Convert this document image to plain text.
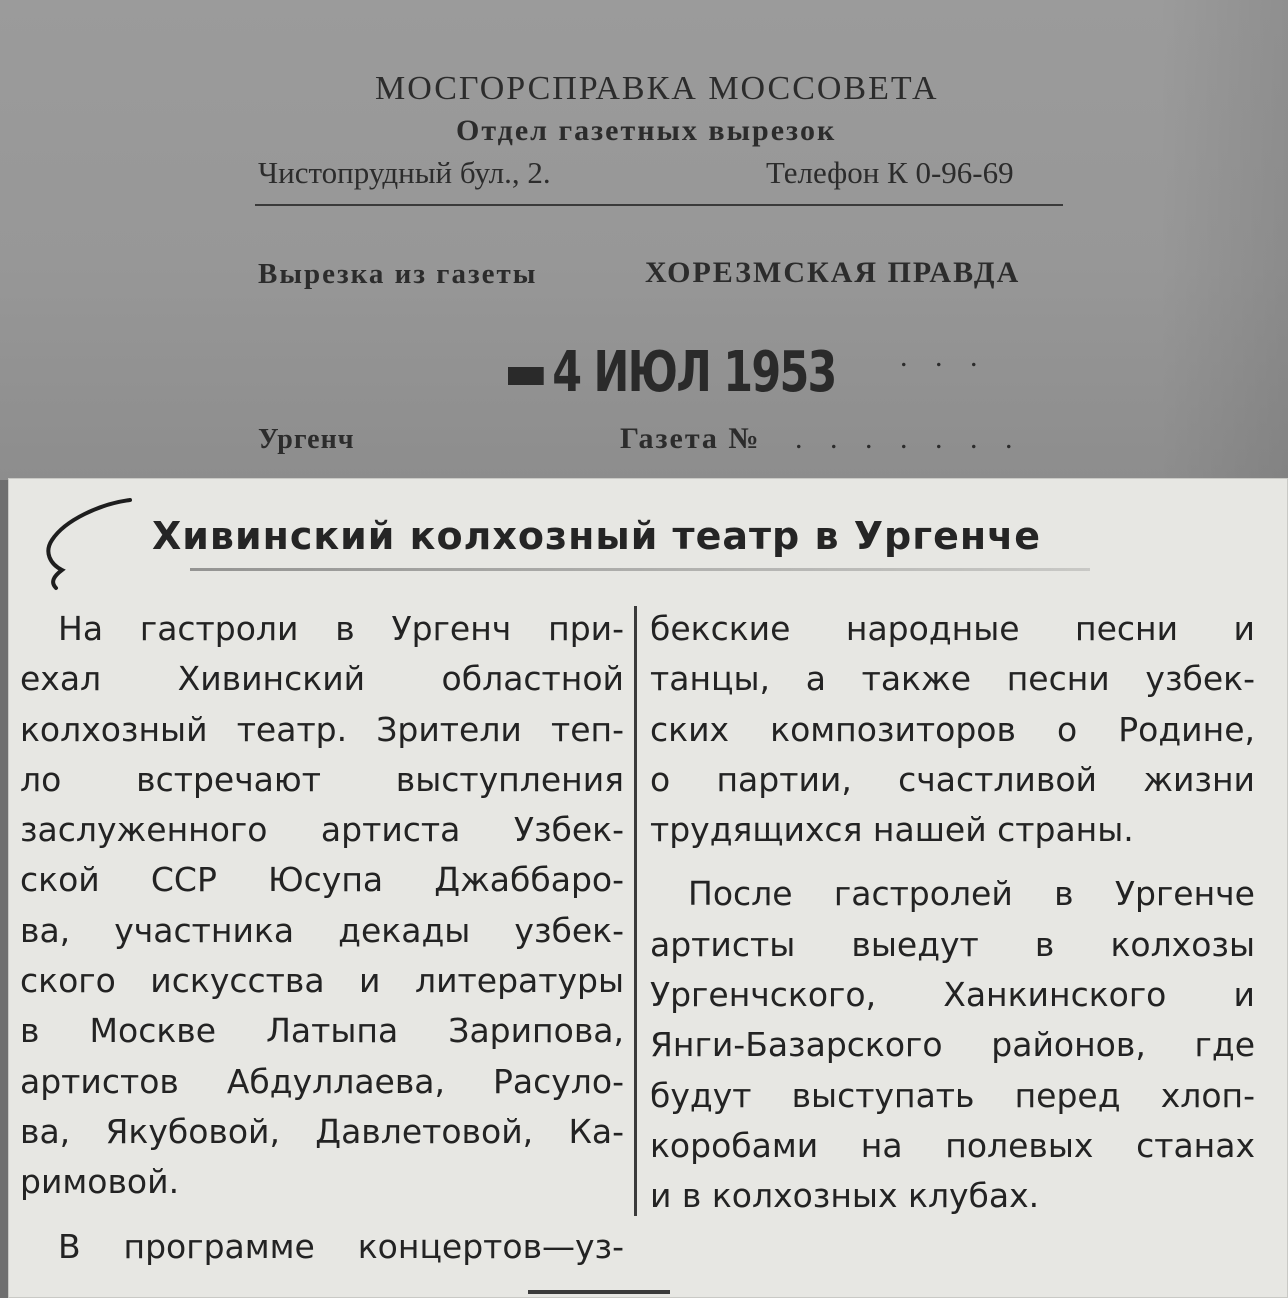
МОСГОРСПРАВКА МОССОВЕТА
Отдел газетных вырезок
Чистопрудный бул., 2.	Телефон К 0-96-69
Вырезка из газеты	ХОРЕЗМСКАЯ ПРАВДА
4 ИЮЛ 1953 . . .
Ургенч	Газета № . . . . . . .
Хивинский колхозный театр в Ургенче
На гастроли в Ургенч при-
ехал Хивинский областной
колхозный театр. Зрители теп-
ло встречают выступления
заслуженного артиста Узбек-
ской ССР Юсупа Джаббаро-
ва, участника декады узбек-
ского искусства и литературы
в Москве Латыпа Зарипова,
артистов Абдуллаева, Расуло-
ва, Якубовой, Давлетовой, Ка-
римовой.
В программе концертов—уз-
бекские народные песни и
танцы, а также песни узбек-
ских композиторов о Родине,
о партии, счастливой жизни
трудящихся нашей страны.
После гастролей в Ургенче
артисты выедут в колхозы
Ургенчского, Ханкинского и
Янги-Базарского районов, где
будут выступать перед хлоп-
коробами на полевых станах
и в колхозных клубах.
